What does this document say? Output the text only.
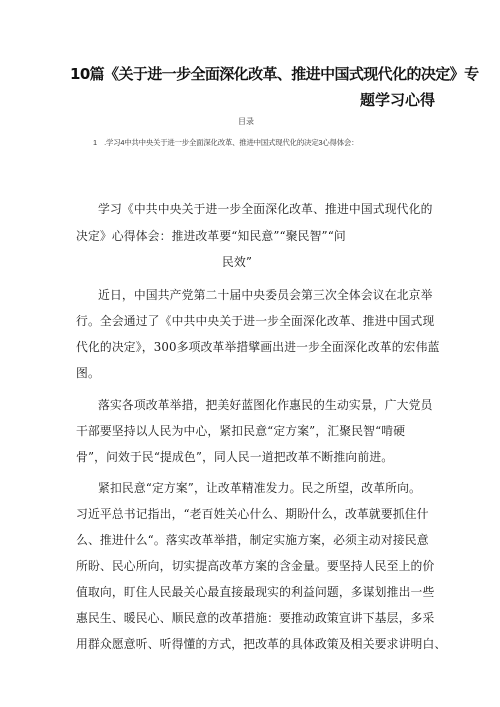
10篇《关于进一步全面深化改革、推进中国式现代化的决定》专
题学习心得
目录
1　.学习4中共中央关于进一步全面深化改革、推进中国式现代化的决定3心得体会：
学习《中共中央关于进一步全面深化改革、推进中国式现代化的
决定》心得体会：推进改革要“知民意”“聚民智”“问
民效”
近日，中国共产党第二十届中央委员会第三次全体会议在北京举
行。全会通过了《中共中央关于进一步全面深化改革、推进中国式现
代化的决定》，300多项改革举措擘画出进一步全面深化改革的宏伟蓝
图。
落实各项改革举措，把美好蓝图化作惠民的生动实景，广大党员
干部要坚持以人民为中心，紧扣民意“定方案”，汇聚民智“啃硬
骨”，问效于民“提成色”，同人民一道把改革不断推向前进。
紧扣民意“定方案”，让改革精准发力。民之所望，改革所向。
习近平总书记指出，“老百姓关心什么、期盼什么，改革就要抓住什
么、推进什么“。落实改革举措，制定实施方案，必须主动对接民意
所盼、民心所向，切实提高改革方案的含金量。要坚持人民至上的价
值取向，盯住人民最关心最直接最现实的利益问题，多谋划推出一些
惠民生、暖民心、顺民意的改革措施：要推动政策宣讲下基层，多采
用群众愿意听、听得懂的方式，把改革的具体政策及相关要求讲明白、
